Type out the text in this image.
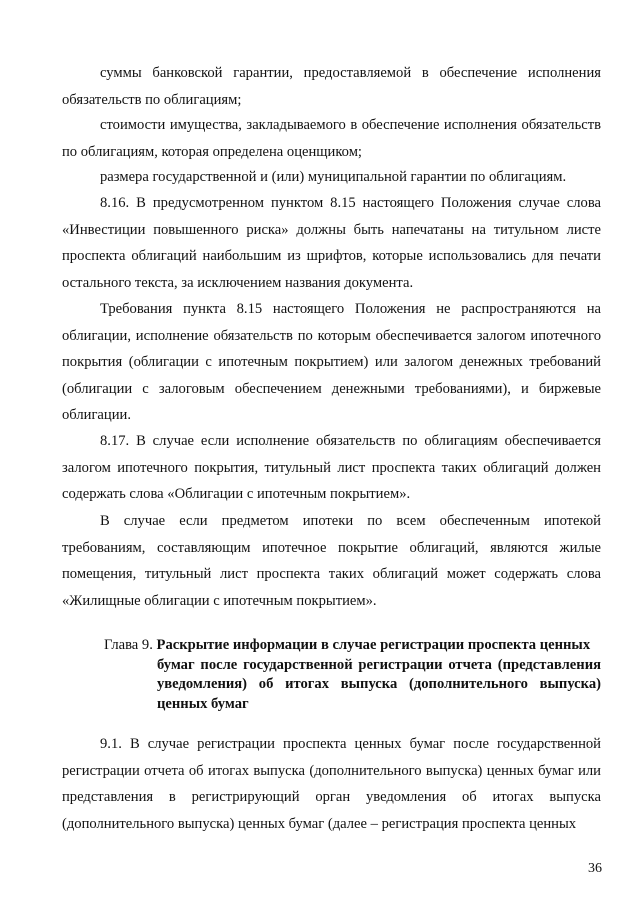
суммы банковской гарантии, предоставляемой в обеспечение исполнения обязательств по облигациям;

стоимости имущества, закладываемого в обеспечение исполнения обязательств по облигациям, которая определена оценщиком;

размера государственной и (или) муниципальной гарантии по облигациям.

8.16. В предусмотренном пунктом 8.15 настоящего Положения случае слова «Инвестиции повышенного риска» должны быть напечатаны на титульном листе проспекта облигаций наибольшим из шрифтов, которые использовались для печати остального текста, за исключением названия документа.

Требования пункта 8.15 настоящего Положения не распространяются на облигации, исполнение обязательств по которым обеспечивается залогом ипотечного покрытия (облигации с ипотечным покрытием) или залогом денежных требований (облигации с залоговым обеспечением денежными требованиями), и биржевые облигации.

8.17. В случае если исполнение обязательств по облигациям обеспечивается залогом ипотечного покрытия, титульный лист проспекта таких облигаций должен содержать слова «Облигации с ипотечным покрытием».

В случае если предметом ипотеки по всем обеспеченным ипотекой требованиям, составляющим ипотечное покрытие облигаций, являются жилые помещения, титульный лист проспекта таких облигаций может содержать слова «Жилищные облигации с ипотечным покрытием».

Глава 9. Раскрытие информации в случае регистрации проспекта ценных
бумаг после государственной регистрации отчета (представления уведомления) об итогах выпуска (дополнительного выпуска) ценных бумаг

9.1. В случае регистрации проспекта ценных бумаг после государственной регистрации отчета об итогах выпуска (дополнительного выпуска) ценных бумаг или представления в регистрирующий орган уведомления об итогах выпуска (дополнительного выпуска) ценных бумаг (далее – регистрация проспекта ценных

36
